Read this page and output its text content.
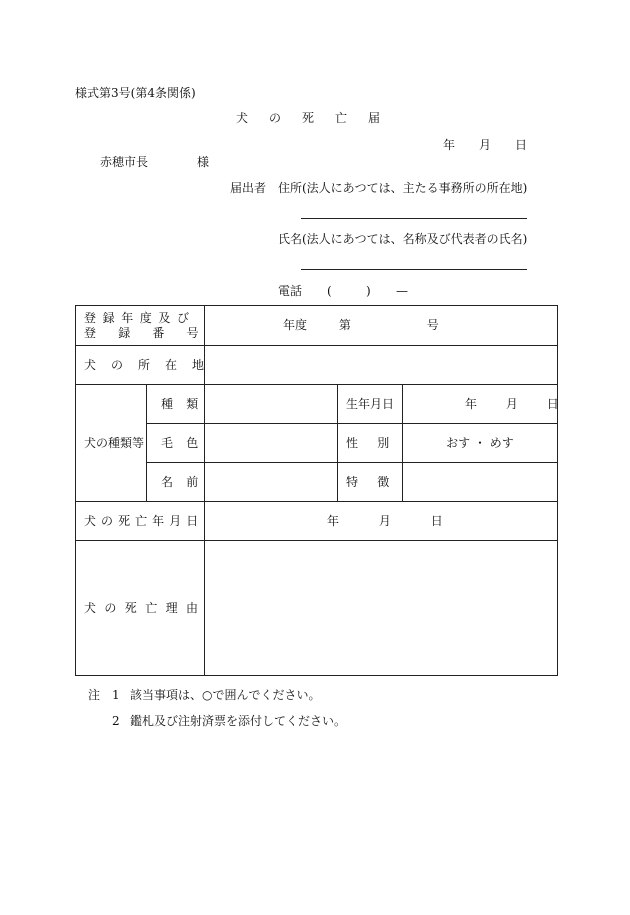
様式第3号(第4条関係)
犬の死亡届
年 月 日
赤穂市長	様
届出者 住所(法人にあつては、主たる事務所の所在地)
氏名(法人にあつては、名称及び代表者の氏名)
電話 (	) —
登録年度及び
登録番号		年度 第 号		
犬の所在地				
犬の種類等	種類		生年月日	年 月 日
	毛色		性別	おす ・ めす
	名前		特徴	
犬の死亡年月日		年 月 日		
犬の死亡理由				
注 1 該当事項は、○で囲んでください。
2 鑑札及び注射済票を添付してください。
